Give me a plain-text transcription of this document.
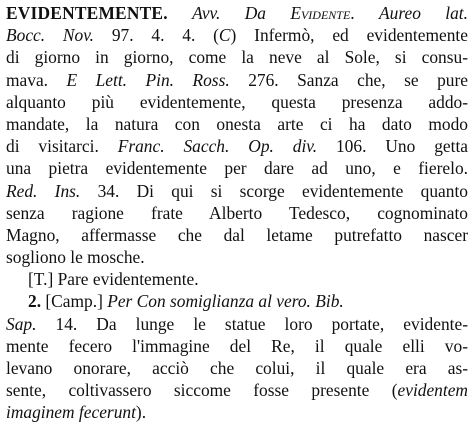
EVIDENTEMENTE. Avv. Da Evidente. Aureo lat.
Bocc. Nov. 97. 4. 4. (C) Infermò, ed evidentemente
di giorno in giorno, come la neve al Sole, si consu-
mava. E Lett. Pin. Ross. 276. Sanza che, se pure
alquanto più evidentemente, questa presenza addo-
mandate, la natura con onesta arte ci ha dato modo
di visitarci. Franc. Sacch. Op. div. 106. Uno getta
una pietra evidentemente per dare ad uno, e fierelo.
Red. Ins. 34. Di qui si scorge evidentemente quanto
senza ragione frate Alberto Tedesco, cognominato
Magno, affermasse che dal letame putrefatto nascer
sogliono le mosche.
[T.] Pare evidentemente.
2. [Camp.] Per Con somiglianza al vero. Bib.
Sap. 14. Da lunge le statue loro portate, evidente-
mente fecero l'immagine del Re, il quale elli vo-
levano onorare, acciò che colui, il quale era as-
sente, coltivassero siccome fosse presente (evidentem
imaginem fecerunt).
